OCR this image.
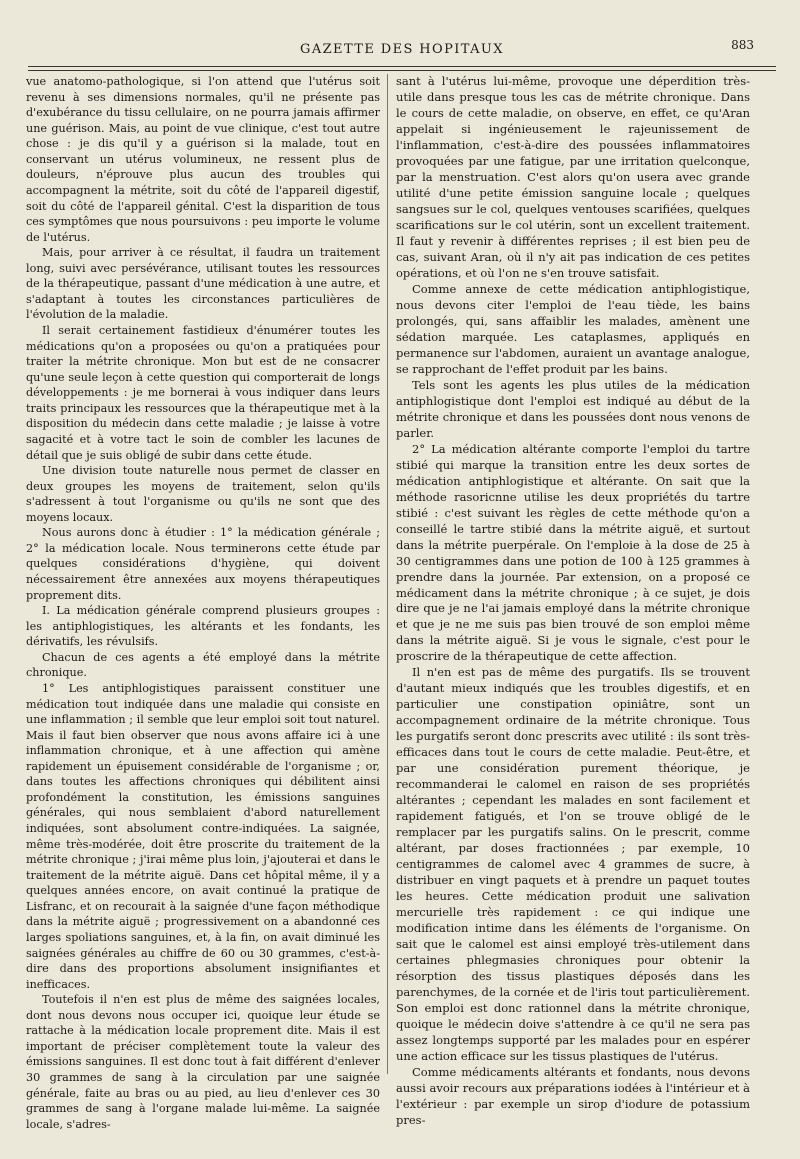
GAZETTE DES HOPITAUX	883

vue anatomo-pathologique, si l'on attend que l'utérus soit revenu à ses dimensions normales, qu'il ne présente pas d'exubérance du tissu cellulaire, on ne pourra jamais affirmer une guérison. Mais, au point de vue clinique, c'est tout autre chose : je dis qu'il y a guérison si la malade, tout en conservant un utérus volumineux, ne ressent plus de douleurs, n'éprouve plus aucun des troubles qui accompagnent la métrite, soit du côté de l'appareil digestif, soit du côté de l'appareil génital. C'est la disparition de tous ces symptômes que nous poursuivons : peu importe le volume de l'utérus.

Mais, pour arriver à ce résultat, il faudra un traitement long, suivi avec persévérance, utilisant toutes les ressources de la thérapeutique, passant d'une médication à une autre, et s'adaptant à toutes les circonstances particulières de l'évolution de la maladie.

Il serait certainement fastidieux d'énumérer toutes les médications qu'on a proposées ou qu'on a pratiquées pour traiter la métrite chronique. Mon but est de ne consacrer qu'une seule leçon à cette question qui comporterait de longs développements : je me bornerai à vous indiquer dans leurs traits principaux les ressources que la thérapeutique met à la disposition du médecin dans cette maladie ; je laisse à votre sagacité et à votre tact le soin de combler les lacunes de détail que je suis obligé de subir dans cette étude.

Une division toute naturelle nous permet de classer en deux groupes les moyens de traitement, selon qu'ils s'adressent à tout l'organisme ou qu'ils ne sont que des moyens locaux.

Nous aurons donc à étudier : 1° la médication générale ; 2° la médication locale. Nous terminerons cette étude par quelques considérations d'hygiène, qui doivent nécessairement être annexées aux moyens thérapeutiques proprement dits.

I. La médication générale comprend plusieurs groupes : les antiphlogistiques, les altérants et les fondants, les dérivatifs, les révulsifs.

Chacun de ces agents a été employé dans la métrite chronique.

1° Les antiphlogistiques paraissent constituer une médication tout indiquée dans une maladie qui consiste en une inflammation ; il semble que leur emploi soit tout naturel. Mais il faut bien observer que nous avons affaire ici à une inflammation chronique, et à une affection qui amène rapidement un épuisement considérable de l'organisme ; or, dans toutes les affections chroniques qui débilitent ainsi profondément la constitution, les émissions sanguines générales, qui nous semblaient d'abord naturellement indiquées, sont absolument contre-indiquées. La saignée, même très-modérée, doit être proscrite du traitement de la métrite chronique ; j'irai même plus loin, j'ajouterai et dans le traitement de la métrite aiguë. Dans cet hôpital même, il y a quelques années encore, on avait continué la pratique de Lisfranc, et on recourait à la saignée d'une façon méthodique dans la métrite aiguë ; progressivement on a abandonné ces larges spoliations sanguines, et, à la fin, on avait diminué les saignées générales au chiffre de 60 ou 30 grammes, c'est-à-dire dans des proportions absolument insignifiantes et inefficaces.

Toutefois il n'en est plus de même des saignées locales, dont nous devons nous occuper ici, quoique leur étude se rattache à la médication locale proprement dite. Mais il est important de préciser complètement toute la valeur des émissions sanguines. Il est donc tout à fait différent d'enlever 30 grammes de sang à la circulation par une saignée générale, faite au bras ou au pied, au lieu d'enlever ces 30 grammes de sang à l'organe malade lui-même. La saignée locale, s'adres-

sant à l'utérus lui-même, provoque une déperdition très-utile dans presque tous les cas de métrite chronique. Dans le cours de cette maladie, on observe, en effet, ce qu'Aran appelait si ingénieusement le rajeunissement de l'inflammation, c'est-à-dire des poussées inflammatoires provoquées par une fatigue, par une irritation quelconque, par la menstruation. C'est alors qu'on usera avec grande utilité d'une petite émission sanguine locale ; quelques sangsues sur le col, quelques ventouses scarifiées, quelques scarifications sur le col utérin, sont un excellent traitement. Il faut y revenir à différentes reprises ; il est bien peu de cas, suivant Aran, où il n'y ait pas indication de ces petites opérations, et où l'on ne s'en trouve satisfait.

Comme annexe de cette médication antiphlogistique, nous devons citer l'emploi de l'eau tiède, les bains prolongés, qui, sans affaiblir les malades, amènent une sédation marquée. Les cataplasmes, appliqués en permanence sur l'abdomen, auraient un avantage analogue, se rapprochant de l'effet produit par les bains.

Tels sont les agents les plus utiles de la médication antiphlogistique dont l'emploi est indiqué au début de la métrite chronique et dans les poussées dont nous venons de parler.

2° La médication altérante comporte l'emploi du tartre stibié qui marque la transition entre les deux sortes de médication antiphlogistique et altérante. On sait que la méthode rasoricnne utilise les deux propriétés du tartre stibié : c'est suivant les règles de cette méthode qu'on a conseillé le tartre stibié dans la métrite aiguë, et surtout dans la métrite puerpérale. On l'emploie à la dose de 25 à 30 centigrammes dans une potion de 100 à 125 grammes à prendre dans la journée. Par extension, on a proposé ce médicament dans la métrite chronique ; à ce sujet, je dois dire que je ne l'ai jamais employé dans la métrite chronique et que je ne me suis pas bien trouvé de son emploi même dans la métrite aiguë. Si je vous le signale, c'est pour le proscrire de la thérapeutique de cette affection.

Il n'en est pas de même des purgatifs. Ils se trouvent d'autant mieux indiqués que les troubles digestifs, et en particulier une constipation opiniâtre, sont un accompagnement ordinaire de la métrite chronique. Tous les purgatifs seront donc prescrits avec utilité : ils sont très-efficaces dans tout le cours de cette maladie. Peut-être, et par une considération purement théorique, je recommanderai le calomel en raison de ses propriétés altérantes ; cependant les malades en sont facilement et rapidement fatigués, et l'on se trouve obligé de le remplacer par les purgatifs salins. On le prescrit, comme altérant, par doses fractionnées ; par exemple, 10 centigrammes de calomel avec 4 grammes de sucre, à distribuer en vingt paquets et à prendre un paquet toutes les heures. Cette médication produit une salivation mercurielle très rapidement : ce qui indique une modification intime dans les éléments de l'organisme. On sait que le calomel est ainsi employé très-utilement dans certaines phlegmasies chroniques pour obtenir la résorption des tissus plastiques déposés dans les parenchymes, de la cornée et de l'iris tout particulièrement. Son emploi est donc rationnel dans la métrite chronique, quoique le médecin doive s'attendre à ce qu'il ne sera pas assez longtemps supporté par les malades pour en espérer une action efficace sur les tissus plastiques de l'utérus.

Comme médicaments altérants et fondants, nous devons aussi avoir recours aux préparations iodées à l'intérieur et à l'extérieur : par exemple un sirop d'iodure de potassium pres-
